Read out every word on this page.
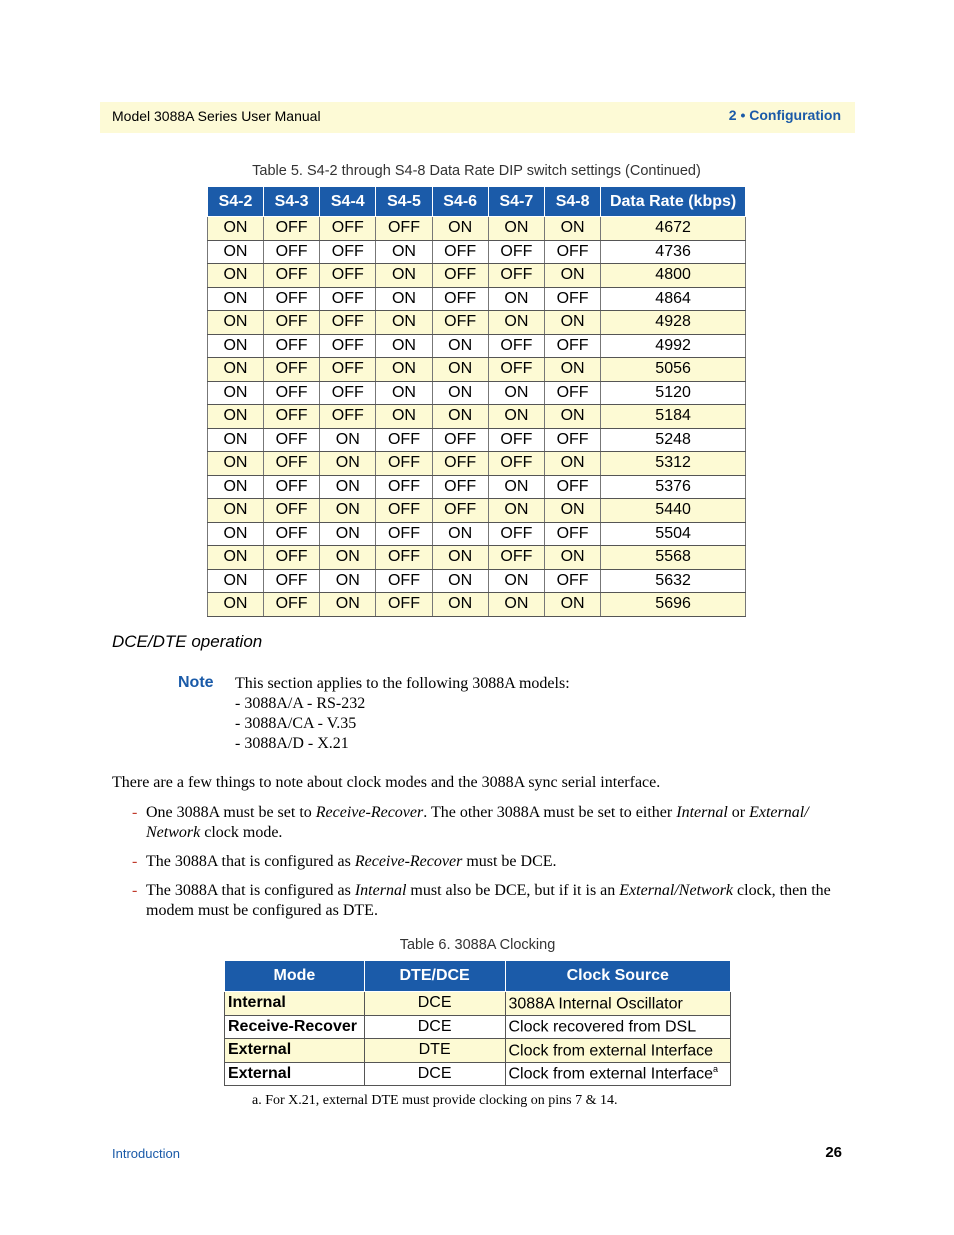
Model 3088A Series User Manual	2 • Configuration
Table 5. S4-2 through S4-8 Data Rate DIP switch settings (Continued)
S4-2	S4-3	S4-4	S4-5	S4-6	S4-7	S4-8	Data Rate (kbps)
ON	OFF	OFF	OFF	ON	ON	ON	4672
ON	OFF	OFF	ON	OFF	OFF	OFF	4736
ON	OFF	OFF	ON	OFF	OFF	ON	4800
ON	OFF	OFF	ON	OFF	ON	OFF	4864
ON	OFF	OFF	ON	OFF	ON	ON	4928
ON	OFF	OFF	ON	ON	OFF	OFF	4992
ON	OFF	OFF	ON	ON	OFF	ON	5056
ON	OFF	OFF	ON	ON	ON	OFF	5120
ON	OFF	OFF	ON	ON	ON	ON	5184
ON	OFF	ON	OFF	OFF	OFF	OFF	5248
ON	OFF	ON	OFF	OFF	OFF	ON	5312
ON	OFF	ON	OFF	OFF	ON	OFF	5376
ON	OFF	ON	OFF	OFF	ON	ON	5440
ON	OFF	ON	OFF	ON	OFF	OFF	5504
ON	OFF	ON	OFF	ON	OFF	ON	5568
ON	OFF	ON	OFF	ON	ON	OFF	5632
ON	OFF	ON	OFF	ON	ON	ON	5696
DCE/DTE operation
Note This section applies to the following 3088A models:
- 3088A/A - RS-232
- 3088A/CA - V.35
- 3088A/D - X.21
There are a few things to note about clock modes and the 3088A sync serial interface.
- One 3088A must be set to Receive-Recover. The other 3088A must be set to either Internal or External/ Network clock mode.
- The 3088A that is configured as Receive-Recover must be DCE.
- The 3088A that is configured as Internal must also be DCE, but if it is an External/Network clock, then the modem must be configured as DTE.
Table 6. 3088A Clocking
Mode	DTE/DCE	Clock Source
Internal	DCE	3088A Internal Oscillator
Receive-Recover	DCE	Clock recovered from DSL
External	DTE	Clock from external Interface
External	DCE	Clock from external Interface$^a$
a. For X.21, external DTE must provide clocking on pins 7 & 14.
Introduction	26
